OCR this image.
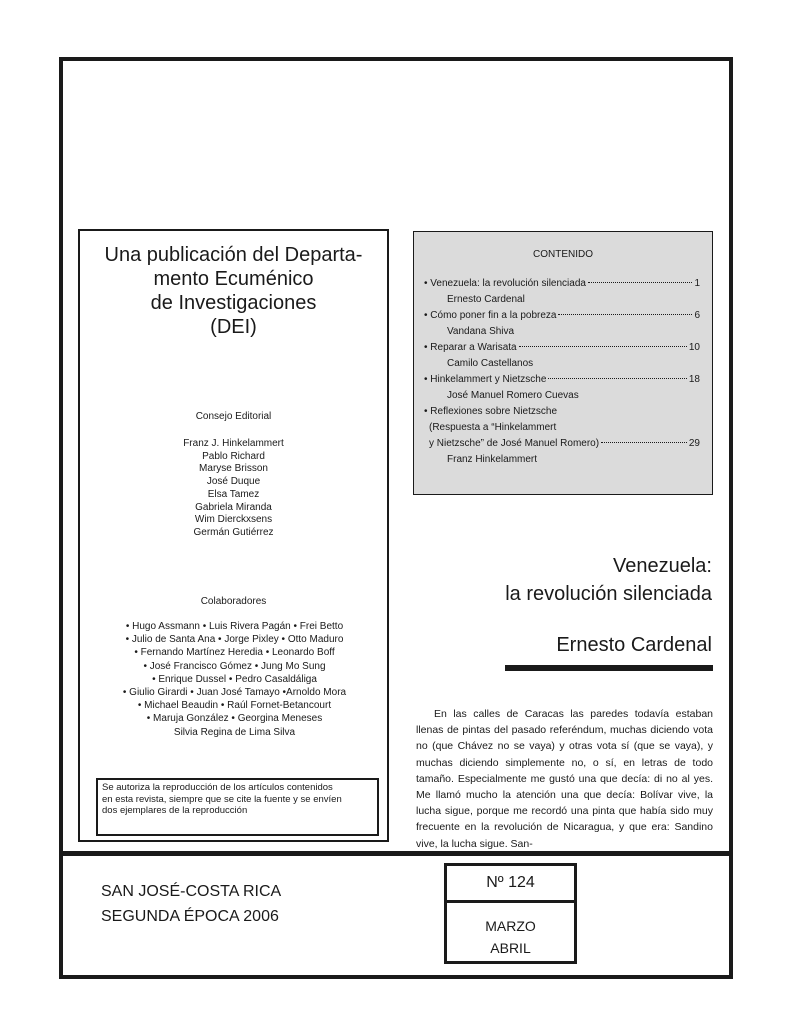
Una publicación del Departa-
mento Ecuménico
de Investigaciones
(DEI)
Consejo Editorial
Franz J. Hinkelammert
Pablo Richard
Maryse Brisson
José Duque
Elsa Tamez
Gabriela Miranda
Wim Dierckxsens
Germán Gutiérrez
Colaboradores
• Hugo Assmann • Luis Rivera Pagán • Frei Betto
• Julio de Santa Ana • Jorge Pixley • Otto Maduro
• Fernando Martínez Heredia • Leonardo Boff
• José Francisco Gómez • Jung Mo Sung
• Enrique Dussel • Pedro Casaldáliga
• Giulio Girardi • Juan José Tamayo •Arnoldo Mora
• Michael Beaudin • Raúl Fornet-Betancourt
• Maruja González • Georgina Meneses
Silvia Regina de Lima Silva

Se autoriza la reproducción de los artículos contenidos

en esta revista, siempre que se cite la fuente y se envíen

dos ejemplares de la reproducción

CONTENIDO
• Venezuela: la revolución silenciada	1
Ernesto Cardenal
• Cómo poner fin a la pobreza	6
Vandana Shiva
• Reparar a Warisata	10
Camilo Castellanos
• Hinkelammert y Nietzsche	18
José Manuel Romero Cuevas
• Reflexiones sobre Nietzsche
(Respuesta a “Hinkelammert
y Nietzsche” de José Manuel Romero)	29
Franz Hinkelammert
Venezuela:
la revolución silenciada
Ernesto Cardenal

En las calles de Caracas las paredes todavía estaban llenas de pintas del pasado referéndum, muchas diciendo vota no (que Chávez no se vaya) y otras vota sí (que se vaya), y muchas diciendo simplemente no, o sí, en letras de todo tamaño. Especialmente me gustó una que decía: di no al yes. Me llamó mucho la atención una que decía: Bolívar vive, la lucha sigue, porque me recordó una pinta que había sido muy frecuente en la revolución de Nicaragua, y que era: Sandino vive, la lucha sigue. San-

SAN JOSÉ-COSTA RICA
SEGUNDA ÉPOCA 2006
Nº 124
MARZO
ABRIL
